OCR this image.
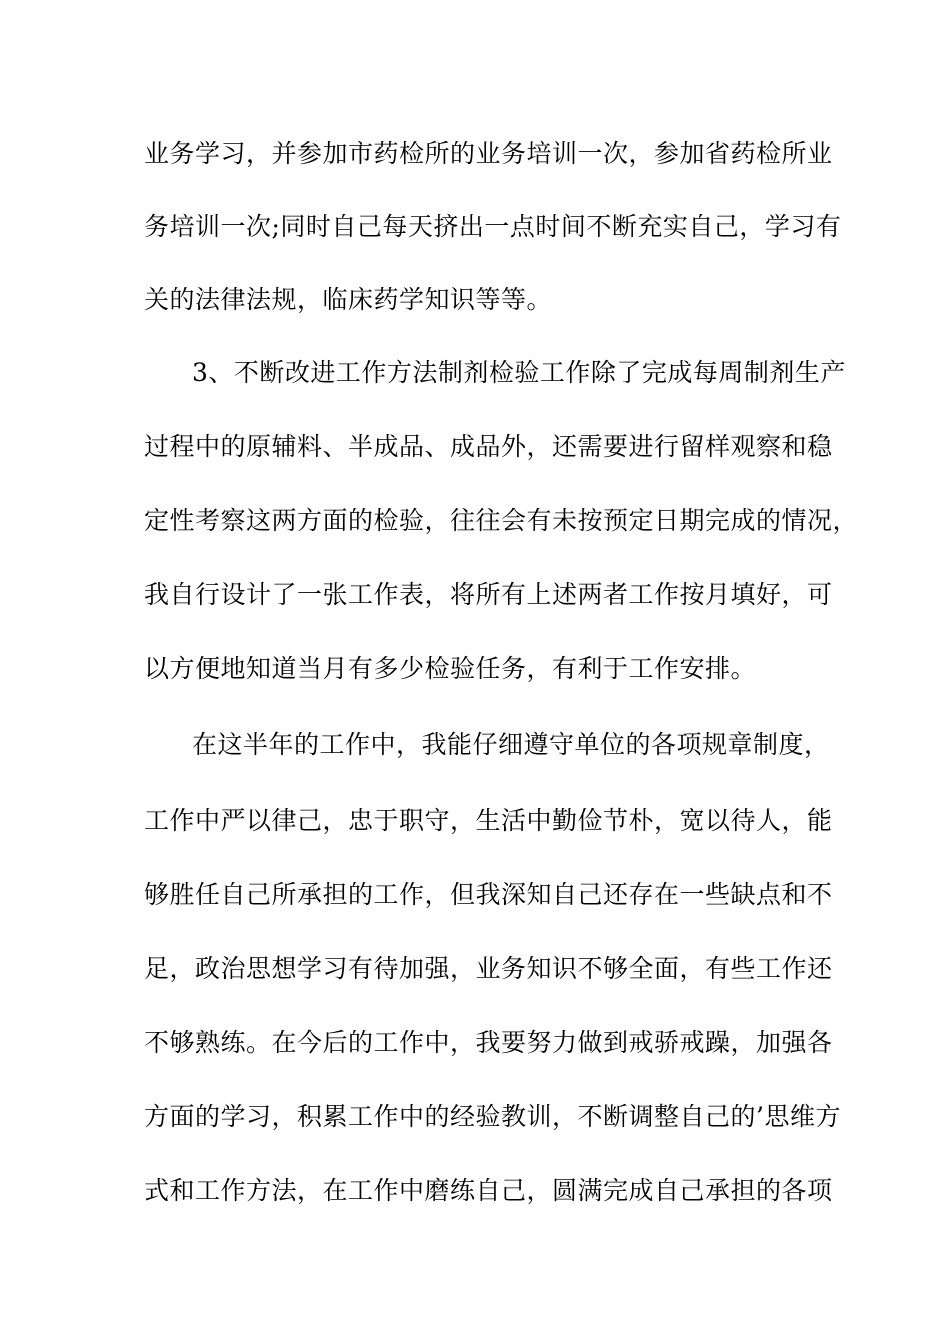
业务学习，并参加市药检所的业务培训一次，参加省药检所业
务培训一次;同时自己每天挤出一点时间不断充实自己，学习有
关的法律法规，临床药学知识等等。
3、不断改进工作方法制剂检验工作除了完成每周制剂生产
过程中的原辅料、半成品、成品外，还需要进行留样观察和稳
定性考察这两方面的检验，往往会有未按预定日期完成的情况，
我自行设计了一张工作表，将所有上述两者工作按月填好，可
以方便地知道当月有多少检验任务，有利于工作安排。
在这半年的工作中，我能仔细遵守单位的各项规章制度，
工作中严以律己，忠于职守，生活中勤俭节朴，宽以待人，能
够胜任自己所承担的工作，但我深知自己还存在一些缺点和不
足，政治思想学习有待加强，业务知识不够全面，有些工作还
不够熟练。在今后的工作中，我要努力做到戒骄戒躁，加强各
方面的学习，积累工作中的经验教训，不断调整自己的’思维方
式和工作方法，在工作中磨练自己，圆满完成自己承担的各项
